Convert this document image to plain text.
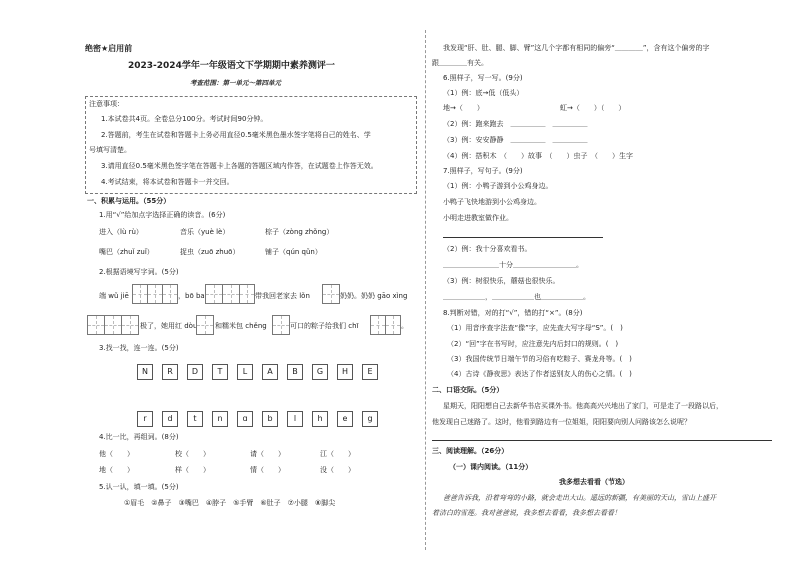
绝密★启用前
2023-2024学年一年级语文下学期期中素养测评一
考查范围：第一单元～第四单元
注意事项：
1.本试卷共4页。全卷总分100分。考试时间90分钟。
2.答题前，考生在试卷和答题卡上务必用直径0.5毫米黑色墨水签字笔将自己的姓名、学
号填写清楚。
3.请用直径0.5毫米黑色签字笔在答题卡上各题的答题区域内作答，在试题卷上作答无效。
4.考试结束，将本试卷和答题卡一并交回。
一、积累与运用。（55分）
1.用“√”给加点字选择正确的读音。(6分)
进入（lù rù）	音乐（yuè lè）	棕子（zòng zhǒng）
嘴巴（zhuǐ zuǐ）	捉虫（zuō zhuō）	铺子（qún qǔn）
2.根据语境写字词。(5分)
端 wǔ jiē	，bō ba	带我回老家去 lǒn	奶奶。奶奶 gāo xìng
极了，她用红 dòu	和糯米包 chěng	可口的粽子给我们 chī	。
3.找一找，连一连。(5分)
N	R	D	T	L	A	B	G	H	E
r	d	t	n	ɑ	b	l	h	e	g
4.比一比，再组词。(8分)
他（　　）	校（　　）	请（　　）	江（　　）
地（　　）	样（　　）	情（　　）	没（　　）
5.认一认，填一填。(5分)
①眉毛　②鼻子　③嘴巴　④脖子　⑤手臂　⑥肚子　⑦小腿　⑧脚尖
我发现“肝、肚、腿、脚、臂”这几个字都有相同的偏旁“＿＿＿＿”，含有这个偏旁的字
跟＿＿＿＿有关。
6.照样子，写一写。(9分)
（1）例：底→低（低头）
地→（　　）	虹→（　　）（　　）
（2）例：跑来跑去　＿＿＿＿＿　＿＿＿＿＿
（3）例：安安静静　＿＿＿＿＿　＿＿＿＿＿
（4）例：搭积木　（　　）故事　（　　）虫子　（　　）生字
7.照样子，写句子。(9分)
（1）例：小鸭子游到小公鸡身边。
小鸭子飞快地游到小公鸡身边。
小明走进教室做作业。
（2）例：我十分喜欢看书。
＿＿＿＿＿＿＿＿十分＿＿＿＿＿＿＿＿＿。
（3）例：树很快乐，蘑菇也很快乐。
＿＿＿＿＿＿，＿＿＿＿＿＿也＿＿＿＿＿＿。
8.判断对错，对的打“√”，错的打“×”。(8分)
（1）用音序查字法查“像”字，应先查大写字母“S”。(　)
（2）“回”字在书写时，应注意先内后封口的规则。(　)
（3）我国传统节日端午节的习俗有吃粽子、赛龙舟等。(　)
（4）古诗《静夜思》表达了作者送别友人的伤心之情。(　)
二、口语交际。（5分）
星期天，阳阳想自己去新华书店买课外书。他高高兴兴地出了家门，可是走了一段路以后，
他发现自己迷路了。这时，他看到路边有一位姐姐，阳阳要向别人问路该怎么说呢？
三、阅读理解。（26分）
（一）课内阅读。（11分）
我多想去看看（节选）
爸爸告诉我，沿着弯弯的小路，就会走出大山。遥远的新疆，有美丽的天山，雪山上盛开
着洁白的雪莲。我对爸爸说，我多想去看看，我多想去看看！
